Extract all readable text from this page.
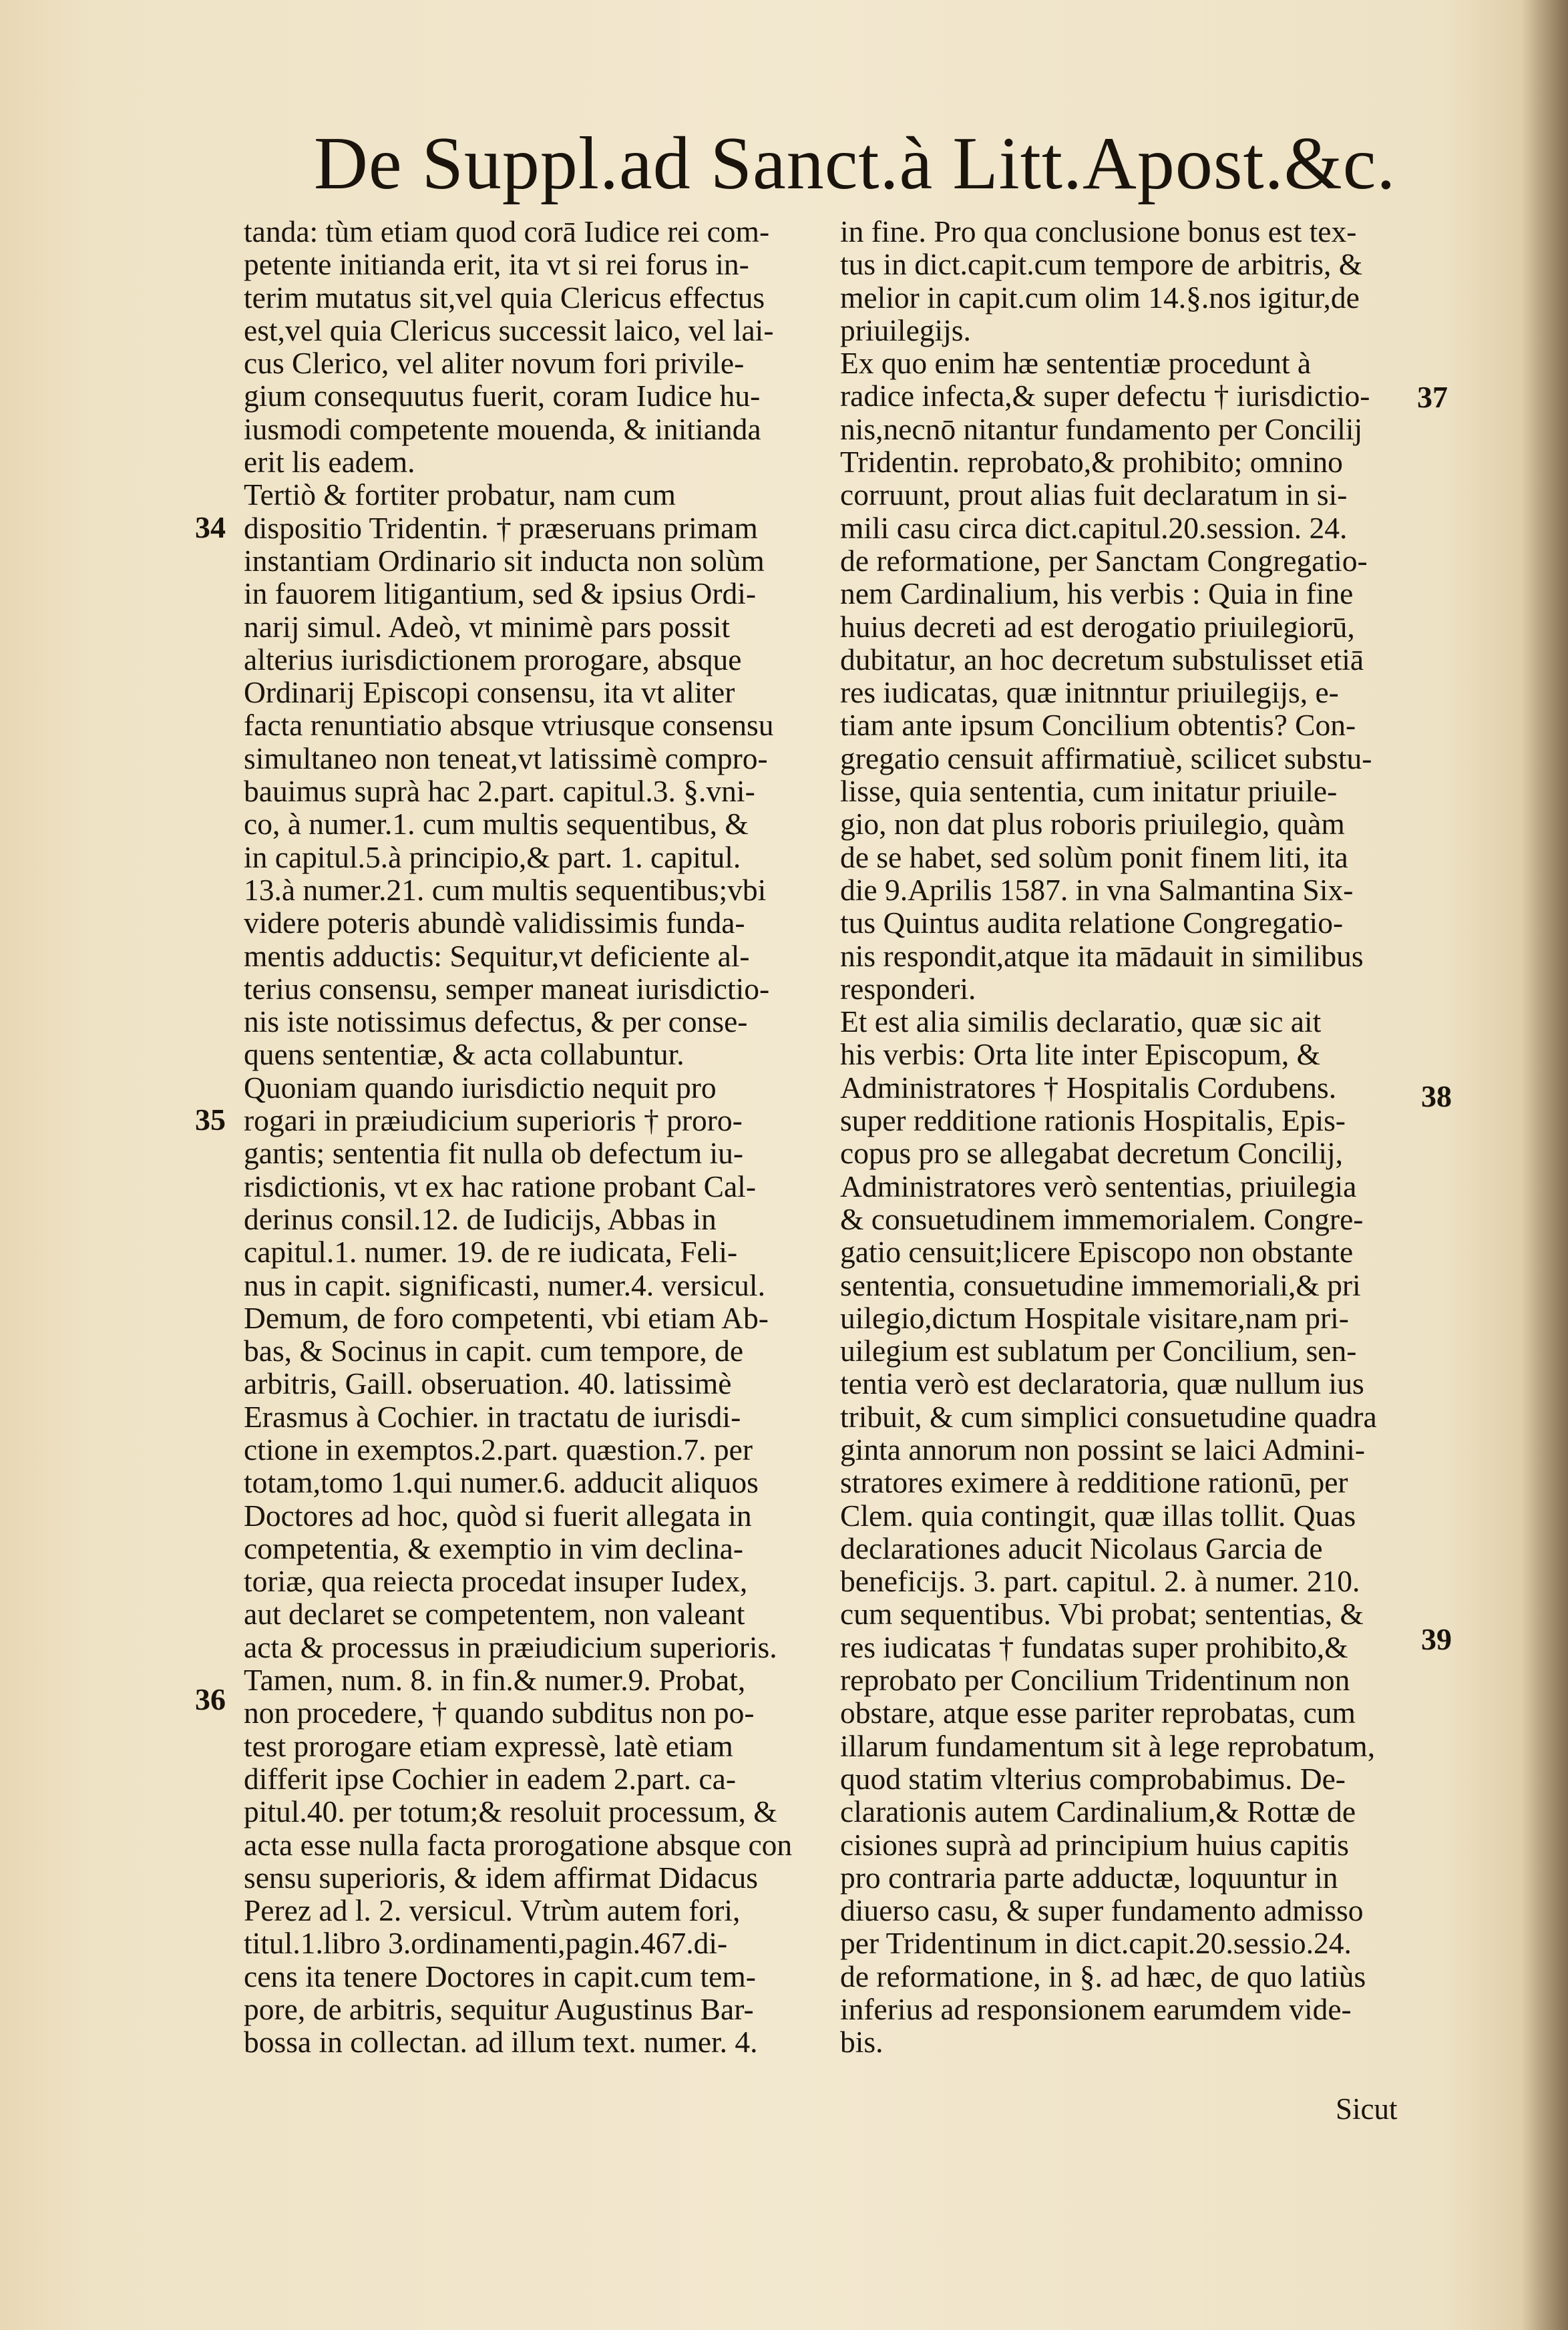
De Suppl.ad Sanct.à Litt.Apost.&c.
tanda: tùm etiam quod corā Iudice rei com-
petente initianda erit, ita vt si rei forus in-
terim mutatus sit,vel quia Clericus effectus
est,vel quia Clericus successit laico, vel lai-
cus Clerico, vel aliter novum fori privile-
gium consequutus fuerit, coram Iudice hu-
iusmodi competente mouenda, & initianda
erit lis eadem.
Tertiò & fortiter probatur, nam cum
dispositio Tridentin. † præseruans primam
instantiam Ordinario sit inducta non solùm
in fauorem litigantium, sed & ipsius Ordi-
narij simul. Adeò, vt minimè pars possit
alterius iurisdictionem prorogare, absque
Ordinarij Episcopi consensu, ita vt aliter
facta renuntiatio absque vtriusque consensu
simultaneo non teneat,vt latissimè compro-
bauimus suprà hac 2.part. capitul.3. §.vni-
co, à numer.1. cum multis sequentibus, &
in capitul.5.à principio,& part. 1. capitul.
13.à numer.21. cum multis sequentibus;vbi
videre poteris abundè validissimis funda-
mentis adductis: Sequitur,vt deficiente al-
terius consensu, semper maneat iurisdictio-
nis iste notissimus defectus, & per conse-
quens sententiæ, & acta collabuntur.
Quoniam quando iurisdictio nequit pro
rogari in præiudicium superioris † proro-
gantis; sententia fit nulla ob defectum iu-
risdictionis, vt ex hac ratione probant Cal-
derinus consil.12. de Iudicijs, Abbas in
capitul.1. numer. 19. de re iudicata, Feli-
nus in capit. significasti, numer.4. versicul.
Demum, de foro competenti, vbi etiam Ab-
bas, & Socinus in capit. cum tempore, de
arbitris, Gaill. obseruation. 40. latissimè
Erasmus à Cochier. in tractatu de iurisdi-
ctione in exemptos.2.part. quæstion.7. per
totam,tomo 1.qui numer.6. adducit aliquos
Doctores ad hoc, quòd si fuerit allegata in
competentia, & exemptio in vim declina-
toriæ, qua reiecta procedat insuper Iudex,
aut declaret se competentem, non valeant
acta & processus in præiudicium superioris.
Tamen, num. 8. in fin.& numer.9. Probat,
non procedere, † quando subditus non po-
test prorogare etiam expressè, latè etiam
differit ipse Cochier in eadem 2.part. ca-
pitul.40. per totum;& resoluit processum, &
acta esse nulla facta prorogatione absque con
sensu superioris, & idem affirmat Didacus
Perez ad l. 2. versicul. Vtrùm autem fori,
titul.1.libro 3.ordinamenti,pagin.467.di-
cens ita tenere Doctores in capit.cum tem-
pore, de arbitris, sequitur Augustinus Bar-
bossa in collectan. ad illum text. numer. 4.
in fine. Pro qua conclusione bonus est tex-
tus in dict.capit.cum tempore de arbitris, &
melior in capit.cum olim 14.§.nos igitur,de
priuilegijs.
Ex quo enim hæ sententiæ procedunt à
radice infecta,& super defectu † iurisdictio-
nis,necnō nitantur fundamento per Concilij
Tridentin. reprobato,& prohibito; omnino
corruunt, prout alias fuit declaratum in si-
mili casu circa dict.capitul.20.session. 24.
de reformatione, per Sanctam Congregatio-
nem Cardinalium, his verbis : Quia in fine
huius decreti ad est derogatio priuilegiorū,
dubitatur, an hoc decretum substulisset etiā
res iudicatas, quæ initnntur priuilegijs, e-
tiam ante ipsum Concilium obtentis? Con-
gregatio censuit affirmatiuè, scilicet substu-
lisse, quia sententia, cum initatur priuile-
gio, non dat plus roboris priuilegio, quàm
de se habet, sed solùm ponit finem liti, ita
die 9.Aprilis 1587. in vna Salmantina Six-
tus Quintus audita relatione Congregatio-
nis respondit,atque ita mādauit in similibus
responderi.
Et est alia similis declaratio, quæ sic ait
his verbis: Orta lite inter Episcopum, &
Administratores † Hospitalis Cordubens.
super redditione rationis Hospitalis, Epis-
copus pro se allegabat decretum Concilij,
Administratores verò sententias, priuilegia
& consuetudinem immemorialem. Congre-
gatio censuit;licere Episcopo non obstante
sententia, consuetudine immemoriali,& pri
uilegio,dictum Hospitale visitare,nam pri-
uilegium est sublatum per Concilium, sen-
tentia verò est declaratoria, quæ nullum ius
tribuit, & cum simplici consuetudine quadra
ginta annorum non possint se laici Admini-
stratores eximere à redditione rationū, per
Clem. quia contingit, quæ illas tollit. Quas
declarationes aducit Nicolaus Garcia de
beneficijs. 3. part. capitul. 2. à numer. 210.
cum sequentibus. Vbi probat; sententias, &
res iudicatas † fundatas super prohibito,&
reprobato per Concilium Tridentinum non
obstare, atque esse pariter reprobatas, cum
illarum fundamentum sit à lege reprobatum,
quod statim vlterius comprobabimus. De-
clarationis autem Cardinalium,& Rottæ de
cisiones suprà ad principium huius capitis
pro contraria parte adductæ, loquuntur in
diuerso casu, & super fundamento admisso
per Tridentinum in dict.capit.20.sessio.24.
de reformatione, in §. ad hæc, de quo latiùs
inferius ad responsionem earumdem vide-
bis.
34
35
36
37
38
39
Sicut
